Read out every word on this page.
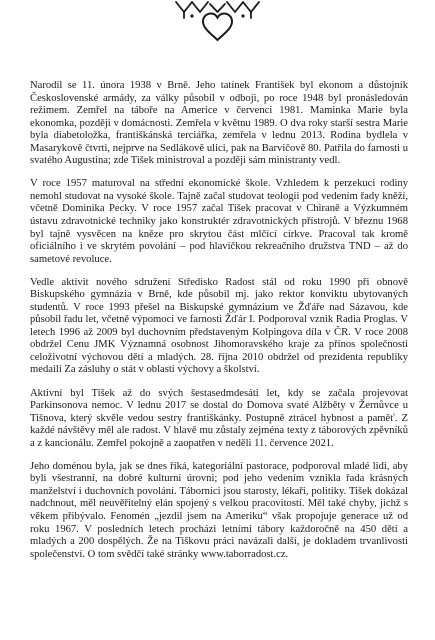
Narodil se 11. února 1938 v Brně. Jeho tatínek František byl ekonom a důstojník Československé armády, za války působil v odboji, po roce 1948 byl pronásledován režimem. Zemřel na táboře na Americe v červenci 1981. Maminka Marie byla ekonomka, později v domácnosti. Zemřela v květnu 1989. O dva roky starší sestra Marie byla diabetoložka, františkánská terciářka, zemřela v lednu 2013. Rodina bydlela v Masarykově čtvrti, nejprve na Sedlákově ulici, pak na Barvičově 80. Patřila do farnosti u svatého Augustina; zde Tišek ministroval a později sám ministranty vedl.

V roce 1957 maturoval na střední ekonomické škole. Vzhledem k perzekuci rodiny nemohl studovat na vysoké škole. Tajně začal studovat teologii pod vedením řady kněží, včetně Dominika Pecky. V roce 1957 začal Tišek pracovat v Chiraně a Výzkumném ústavu zdravotnické techniky jako konstruktér zdravotnických přístrojů. V březnu 1968 byl tajně vysvěcen na kněze pro skrytou část mlčící církve. Pracoval tak kromě oficiálního i ve skrytém povolání – pod hlavičkou rekreačního družstva TND – až do sametové revoluce.

Vedle aktivit nového sdružení Středisko Radost stál od roku 1990 při obnově Biskupského gymnázia v Brně, kde působil mj. jako rektor konviktu ubytovaných studentů. V roce 1993 přešel na Biskupské gymnázium ve Žďáře nad Sázavou, kde působil řadu let, včetně výpomoci ve farnosti Žďár I. Podporoval vznik Radia Proglas. V letech 1996 až 2009 byl duchovním představeným Kolpingova díla v ČR. V roce 2008 obdržel Cenu JMK Významná osobnost Jihomoravského kraje za přínos společnosti celoživotní výchovou dětí a mladých. 28. října 2010 obdržel od prezidenta republiky medaili Za zásluhy o stát v oblasti výchovy a školství.

Aktivní byl Tišek až do svých šestasedmdesáti let, kdy se začala projevovat Parkinsonova nemoc. V lednu 2017 se dostal do Domova svaté Alžběty v Žernůvce u Tišnova, který skvěle vedou sestry františkánky. Postupně ztrácel hybnost a paměť. Z každé návštěvy měl ale radost. V hlavě mu zůstaly zejména texty z táborových zpěvníků a z kancionálu. Zemřel pokojně a zaopatřen v neděli 11. července 2021.

Jeho doménou byla, jak se dnes říká, kategoriální pastorace, podporoval mladé lidi, aby byli všestranní, na dobré kulturní úrovni; pod jeho vedením vznikla řada krásných manželství i duchovních povolání. Táborníci jsou starosty, lékaři, politiky. Tišek dokázal nadchnout, měl neuvěřitelný elán spojený s velkou pracovitostí. Měl také chyby, jichž s věkem přibývalo. Fenomén „jezdil jsem na Ameriku“ však propojuje generace už od roku 1967. V posledních letech procházi letními tábory každoročně na 450 dětí a mladých a 200 dospělých. Že na Tiškovu práci navázali další, je dokladem trvanlivosti společenství. O tom svědčí také stránky www.taborradost.cz.
